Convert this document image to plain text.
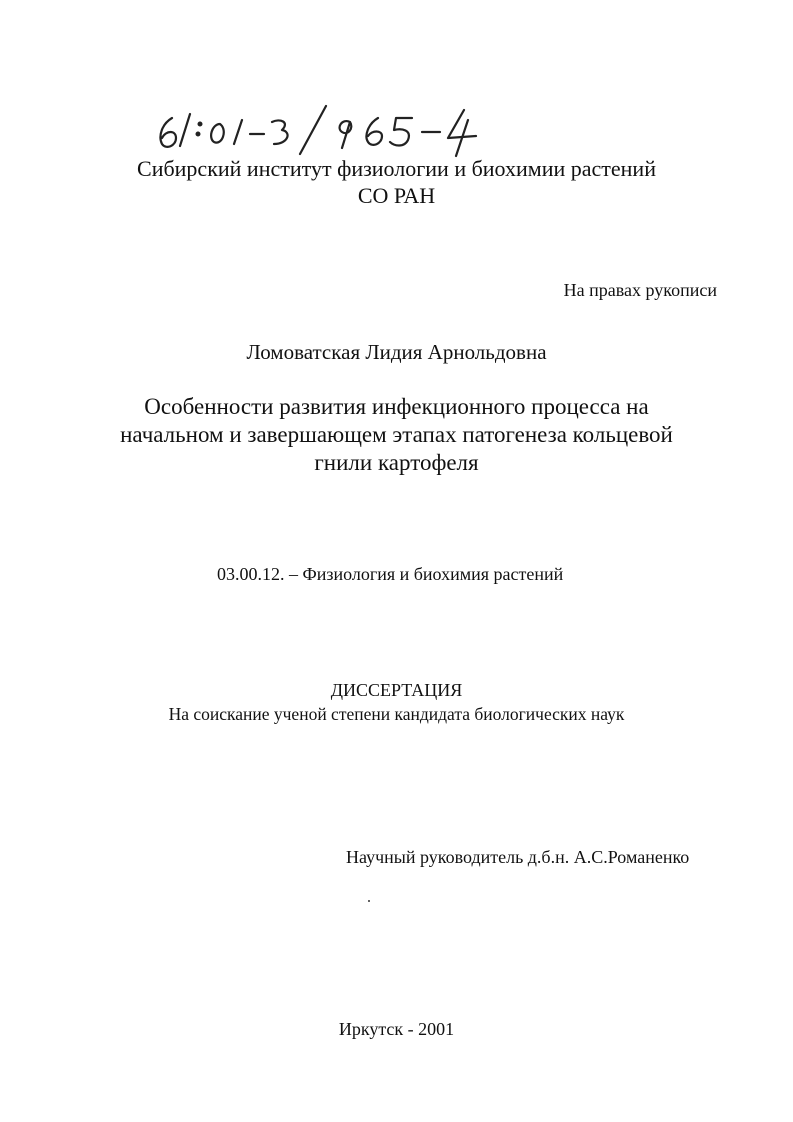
Сибирский институт физиологии и биохимии растений
СО РАН
На правах рукописи
Ломоватская Лидия Арнольдовна
Особенности развития инфекционного процесса на
начальном и завершающем этапах патогенеза кольцевой
гнили картофеля
03.00.12. – Физиология и биохимия растений
ДИССЕРТАЦИЯ
На соискание ученой степени кандидата биологических наук
Научный руководитель д.б.н. А.С.Романенко
Иркутск - 2001
